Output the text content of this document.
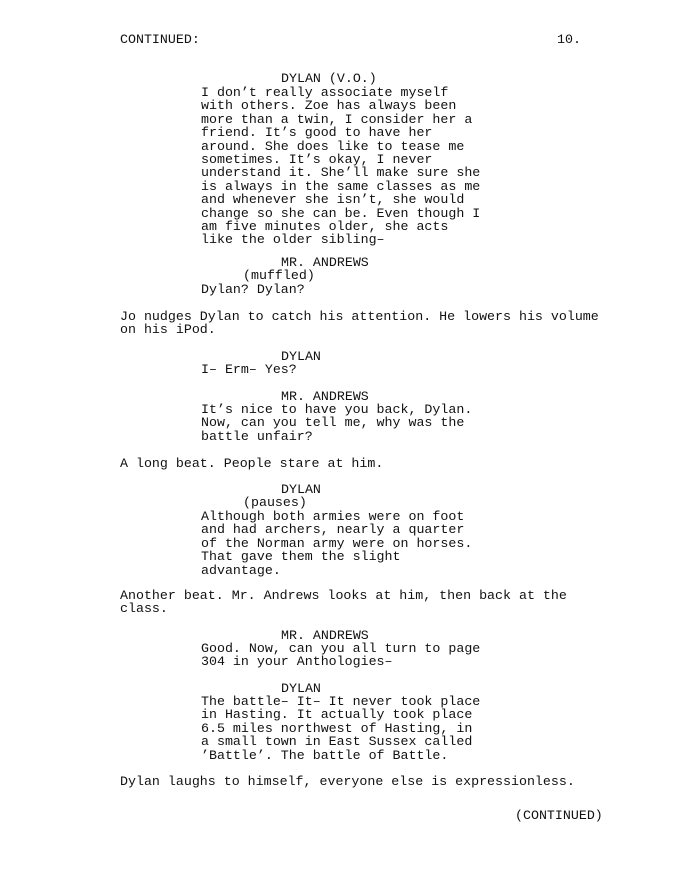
CONTINUED:	10.
DYLAN (V.O.)
I don’t really associate myself
with others. Zoe has always been
more than a twin, I consider her a
friend. It’s good to have her
around. She does like to tease me
sometimes. It’s okay, I never
understand it. She’ll make sure she
is always in the same classes as me
and whenever she isn’t, she would
change so she can be. Even though I
am five minutes older, she acts
like the older sibling–
MR. ANDREWS
(muffled)
Dylan? Dylan?
Jo nudges Dylan to catch his attention. He lowers his volume
on his iPod.
DYLAN
I– Erm– Yes?
MR. ANDREWS
It’s nice to have you back, Dylan.
Now, can you tell me, why was the
battle unfair?
A long beat. People stare at him.
DYLAN
(pauses)
Although both armies were on foot
and had archers, nearly a quarter
of the Norman army were on horses.
That gave them the slight
advantage.
Another beat. Mr. Andrews looks at him, then back at the
class.
MR. ANDREWS
Good. Now, can you all turn to page
304 in your Anthologies–
DYLAN
The battle– It– It never took place
in Hasting. It actually took place
6.5 miles northwest of Hasting, in
a small town in East Sussex called
’Battle’. The battle of Battle.
Dylan laughs to himself, everyone else is expressionless.
(CONTINUED)
